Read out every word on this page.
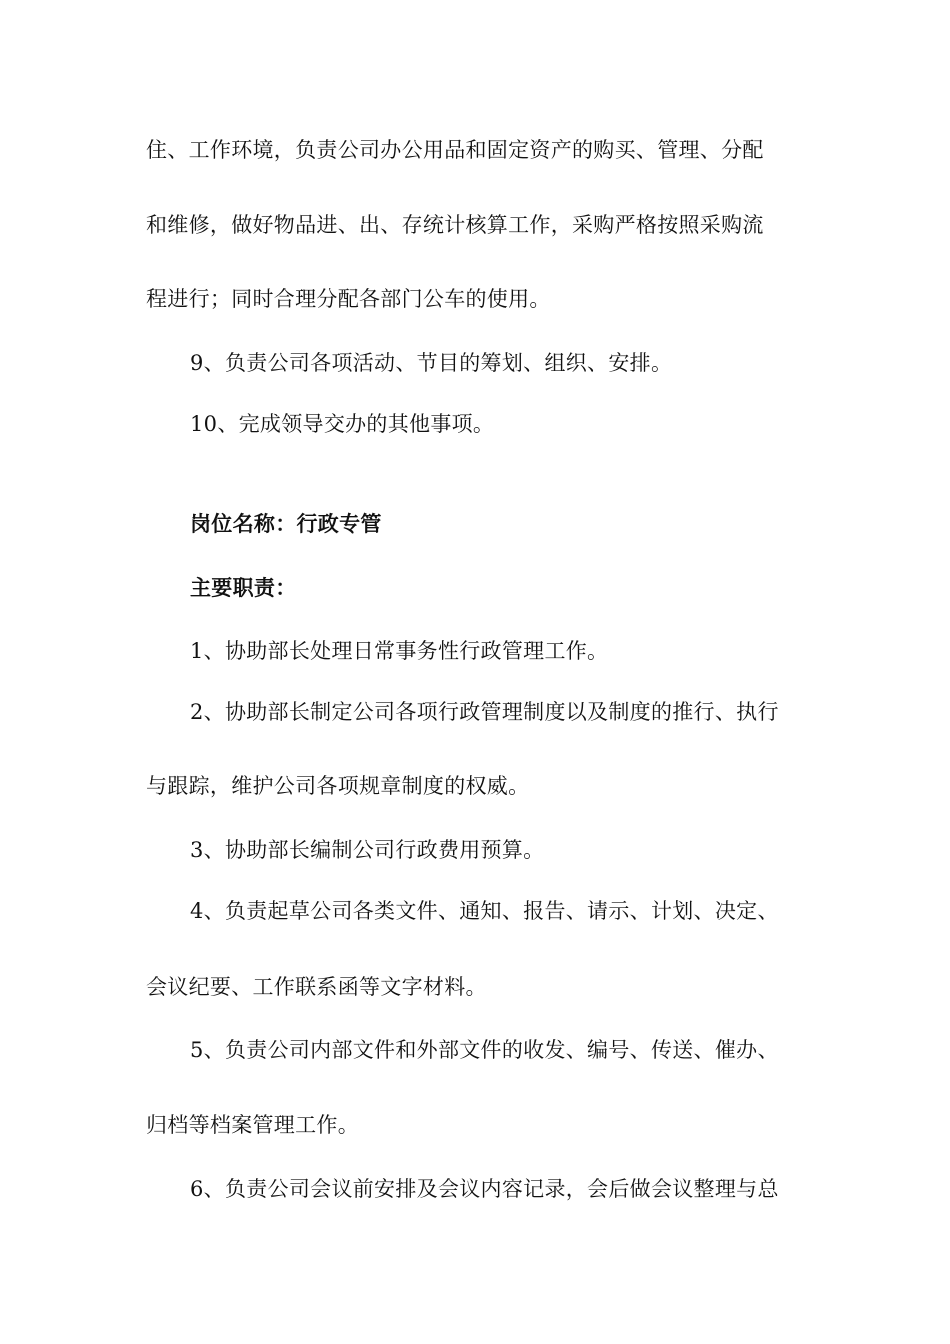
住、工作环境，负责公司办公用品和固定资产的购买、管理、分配
和维修，做好物品进、出、存统计核算工作，采购严格按照采购流
程进行；同时合理分配各部门公车的使用。
9、负责公司各项活动、节目的筹划、组织、安排。
10、完成领导交办的其他事项。
岗位名称：行政专管
主要职责：
1、协助部长处理日常事务性行政管理工作。
2、协助部长制定公司各项行政管理制度以及制度的推行、执行
与跟踪，维护公司各项规章制度的权威。
3、协助部长编制公司行政费用预算。
4、负责起草公司各类文件、通知、报告、请示、计划、决定、
会议纪要、工作联系函等文字材料。
5、负责公司内部文件和外部文件的收发、编号、传送、催办、
归档等档案管理工作。
6、负责公司会议前安排及会议内容记录，会后做会议整理与总
